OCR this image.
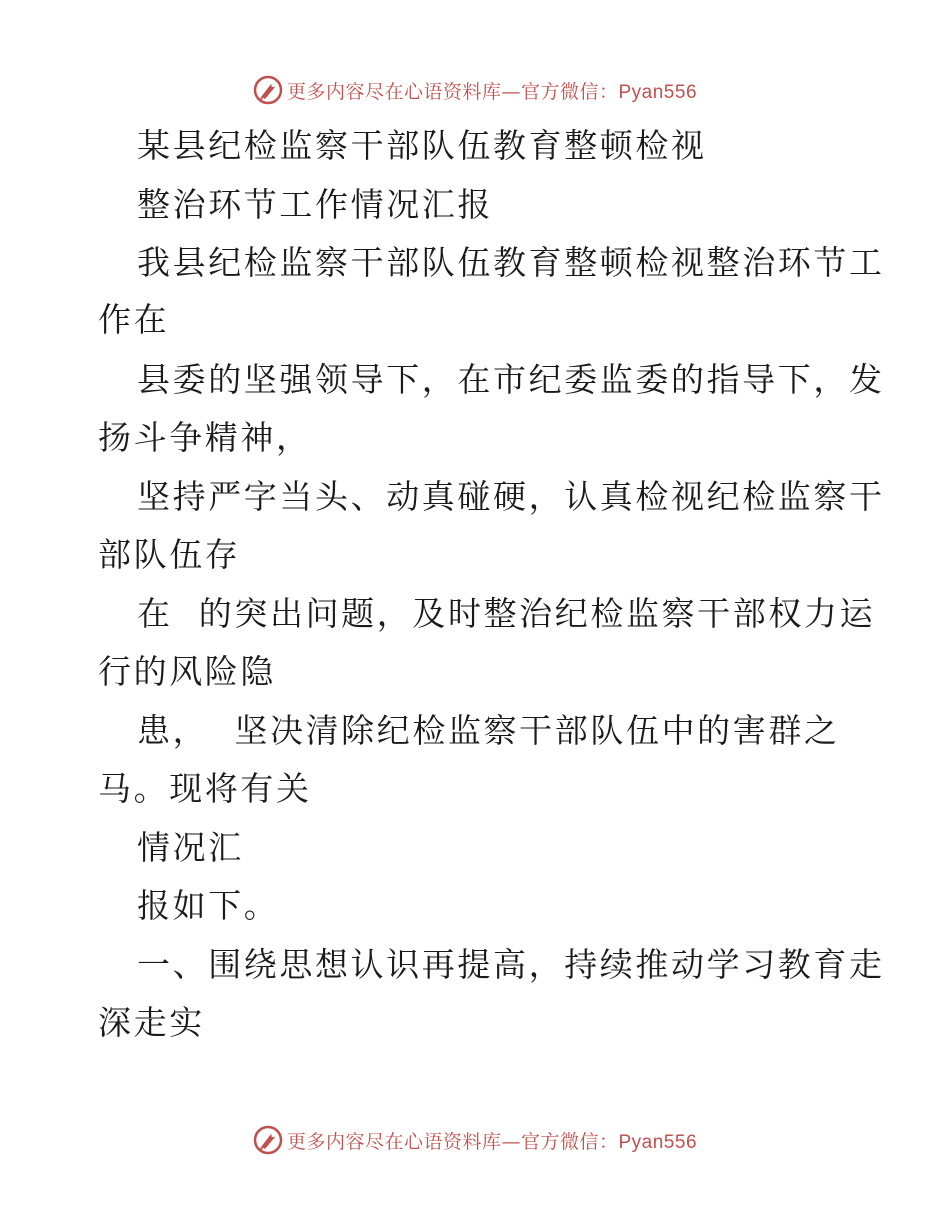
更多内容尽在心语资料库—官方微信：Pyan556
某县纪检监察干部队伍教育整顿检视
整治环节工作情况汇报
我县纪检监察干部队伍教育整顿检视整治环节工
作在
县委的坚强领导下，在市纪委监委的指导下，发
扬斗争精神，
坚持严字当头、动真碰硬，认真检视纪检监察干
部队伍存
在  的突出问题，及时整治纪检监察干部权力运
行的风险隐
患，  坚决清除纪检监察干部队伍中的害群之
马。现将有关
情况汇
报如下。
一、围绕思想认识再提高，持续推动学习教育走
深走实
更多内容尽在心语资料库—官方微信：Pyan556
